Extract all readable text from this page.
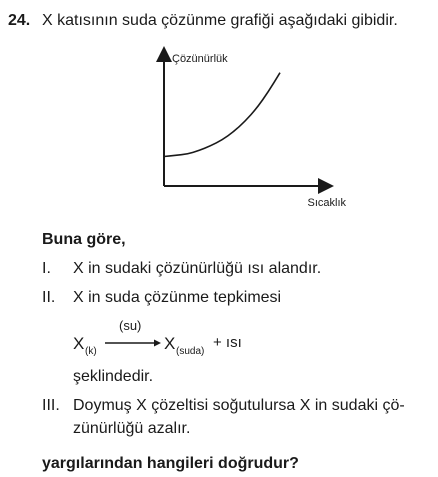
24. X katısının suda çözünme grafiği aşağıdaki gibidir.
Çözünürlük
Sıcaklık
Buna göre,
I. X in sudaki çözünürlüğü ısı alandır.
II. X in suda çözünme tepkimesi
X (k)
(su)
→ X (suda)
+ ısı
şeklindedir.
III. Doymuş X çözeltisi soğutulursa X in sudaki çö-
zünürlüğü azalır.
yargılarından hangileri doğrudur?
